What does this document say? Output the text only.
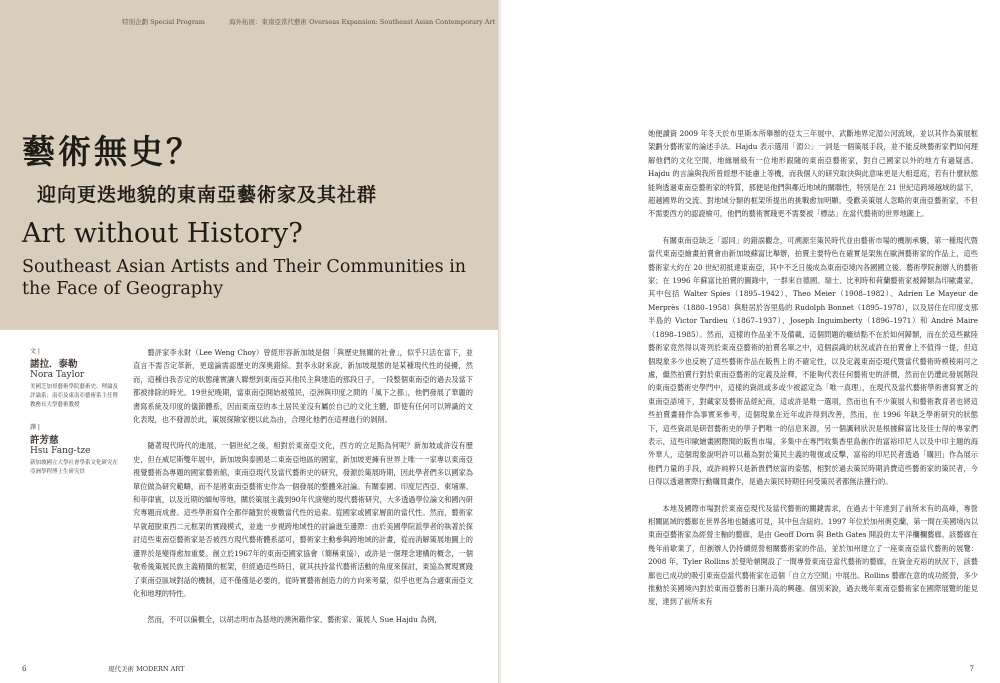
特別企劃 Special Program	海外拓展：東南亞當代藝術 Overseas Expansion: Southeast Asian Contemporary Art
藝術無史？
迎向更迭地貌的東南亞藝術家及其社群
Art without History?
Southeast Asian Artists and Their Communities in the Face of Geography
文 |
諾拉．泰勒
Nora Taylor
美國芝加哥藝術學院藝術史、理論及評論系；南亞及東南亞藝術系主任暨教務長大學藝術教授
譯 |
許芳慈
Hsu Fang-tze
新加坡國立大學社會學系文化研究在亞洲學程博士生研究員

藝評家李永財（Lee Weng Choy）曾經形容新加坡是個「與歷史無關的社會」，似乎只活在當下，並直言不需否定革新，更遑論需認歷史的深奧錯綜。對李永財來說，新加坡現態的是某種現代性的侵擾，然而，這種自我否定的狀態確實讓人聯想到東南亞其他民主與建造的那段日子，一段整個東南亞的過去及當下都被排除的時光。19世紀晚期，當東南亞開始被殖民，亞洲與印度之間的「風下之都」，他們發展了華麗的書寫系統及印度的儀節體系，因而東南亞的本土居民並沒有屬於自己的文化主體，即使有任何可以辨識的文化表現，也不發源於此，策展探險家便以此為由，合理化他們在這裡進行的剝削。

隨著現代時代的進展，一個世紀之後，相對於東南亞文化，西方的立足點為何呢？新加坡或許沒有歷史，但在威尼斯雙年展中，新加坡與泰國是二東南亞地區的國家，新加坡更擁有世界上唯一一家專以東南亞視覺藝術為專題的國家藝術館，東南亞現代及當代藝術史的研究，發源於策展時期，因此學者們多以國家為單位做為研究範疇，而不是將東南亞藝術史作為一個發展的整體來討論。有關泰國、印度尼西亞、柬埔寨、和菲律賓，以及近期的緬甸等地，關於策展主義到90年代演變的現代藝術研究，大多透過學位論文和國內研究專題而成書。這些學術寫作全都伴隨對於複數當代性的追索。從國家或國家層面的當代性。然而，藝術家早就超脫東西二元框架的實踐模式，並進一步視跨地域性的討論進至邊際：由於美國學院派學者的執著於探討這些東南亞藝術家是否被西方現代藝術體系認可，藝術家主動參與跨地域的計畫，從而消解策展地圖上的邊界於是變得愈加重要。創立於1967年的東南亞國家協會（簡稱東協），或許是一個理念建構的概念，一個敬希後策展民族主義精簡的框架，但經過這些時日，就其扶持當代藝術活動的角度來探討，東協為實現實踐了東南亞區域對話的機制，這不僅僅是必要的，從時實藝術創造力的方向來考量，似乎也更為合適東南亞文化和地理的特性。

然而，不可以偏概全，以胡志明市為基地的澳洲籍作家、藝術家、策展人 Sue Hajdu 為例，

6	現代美術 MODERN ART

她便讀資 2009 年冬天於布里斯本所舉辦的亞太三年展中，武斷地界定湄公河流域，並以其作為策展框架劃分藝術家的論述手法。Hajdu 表示選用「湄公」一詞是一個策展手段，並不能反映藝術家們如何理解他們的文化空間，地緣層級有一位地形跟隨的東南亞藝術家，對自己國家以外的地方有過疑惑。Hajdu 的言論與我所曾經想不能慮上等機，而我個人的研究取決與此意味更是大相逕庭，若有什麼狀態能夠透過東南亞藝術家的特質，那便是他們與鄰近地域的關聯性，特別是在 21 世紀這跨境越域的當下，超越國界的交流、對地域分類的框架所提出的挑戰愈加明顯。受歡美策展人忽略的東南亞藝術家，不但不需要西方的認證檢可，他們的藝術實踐更不需要被「標誌」在當代藝術的世界地圖上。

有關東南亞缺乏「認同」的錯誤觀念，可溯源至策民時代並由藝術市場的機制承襲，第一種現代暨當代東南亞繪畫拍賣會由新加坡蘇富比舉辦，拍賣主要特色在確實是架焦在歐洲藝術家的作品上，這些藝術家大約在 20 世紀初抵達東南亞，其中不乏日後成為東南亞境內各國國立後、藝術學院創辦人的藝術家；在 1996 年蘇富比拍賣的圖錄中，一群來自德國、瑞士、比利時和荷蘭藝術家被歸類為印歐畫家，其中包括 Walter Spies（1895–1942）、Theo Meier（1908–1982）、Adrien Le Mayeur de Merprès（1880–1958）與駐居於峇里島的 Rudolph Bonnet（1895–1978），以及居住在印度支那半島的 Victor Tardieu（1867–1937）、Joseph Inguimberty（1896–1971）和 André Maire（1898–1985）。然而，這樣的作品並不及備載，這個問題的癥結點不在於如何歸類，而在於這些歐陸藝術家竟然得以寄列於東南亞藝術的拍賣名單之中，這個誤識的狀況或許在拍賣會上不值得一提，但這個現象多少也反映了這些藝術作品在販售上的不確定性，以及定義東南亞現代暨當代藝術時模稜兩可之處，繼然拍賣行對於東南亞藝術的定義及詮釋，不能夠代表任何藝術史的評價，然而在仍遭此發展階段的東南亞藝術史學門中，這樣的資訊或多或少被認定為「唯一真理」，在現代及當代藝術學術書寫實乏的東南亞語境下，對藏家及藝術品經紀商，這或許是唯一選項，然而也有不少策展人和藝術教育者也將這些拍賣畫冊作為事實來參考，這個現象在近年或許得到改善，然而，在 1996 年缺乏學術研究的狀態下，這些資訊是研習藝術史的學子們唯一的信息來源，另一個諷刺狀況是根據蘇富比及佳士得的專家們表示，這些印歐繪畫國際間的販售市場，多集中在專門收集香里島創作的富裕印尼人以及中印主題的海外華人，這個現象說明許可以藉為對於策民主義的報復或反擊，富裕的印尼民者透過「購回」作為展示他們力量的手段，或許純粹只是新貴們炫富的姿態，相對於過去策民時期消費這些藝術家的策民者，今日得以透過實際行動購買畫作，是過去策民時期任何受策民者都無法獲行的。

本地及國際市場對於東南亞現代及當代藝術的關鍵需求，在過去十年達到了前所未有的高峰，專營相關區域的藝廊在世界各地也隨處可見，其中包含紐約。1997 年位於加州奧克蘭，第一間在美國境內以東南亞藝術家為經營主軸的藝廊，是由 Geoff Dorn 與 Beth Gates 開設的太平洋欄欄藝廊。該藝廊在幾年前歇業了，但創辦人仍持續經營相關藝術家的作品，並於加州建立了一座東南亞當代藝術的展覽：2008 年，Tyler Rollins 於曼哈頓開設了一間專營東南亞當代藝術的藝廊，在資金充裕的狀況下，該藝廊也已成功的吸引東南亞當代藝術家在這個「自立方空間」中展出。Rollins 藝廊在意的成功經營，多少推動於美國境內對於東南亞藝術日漸升高的興趣。個別來說，過去幾年東南亞藝術家在國際展覽的能見度，達到了前所未有

7
